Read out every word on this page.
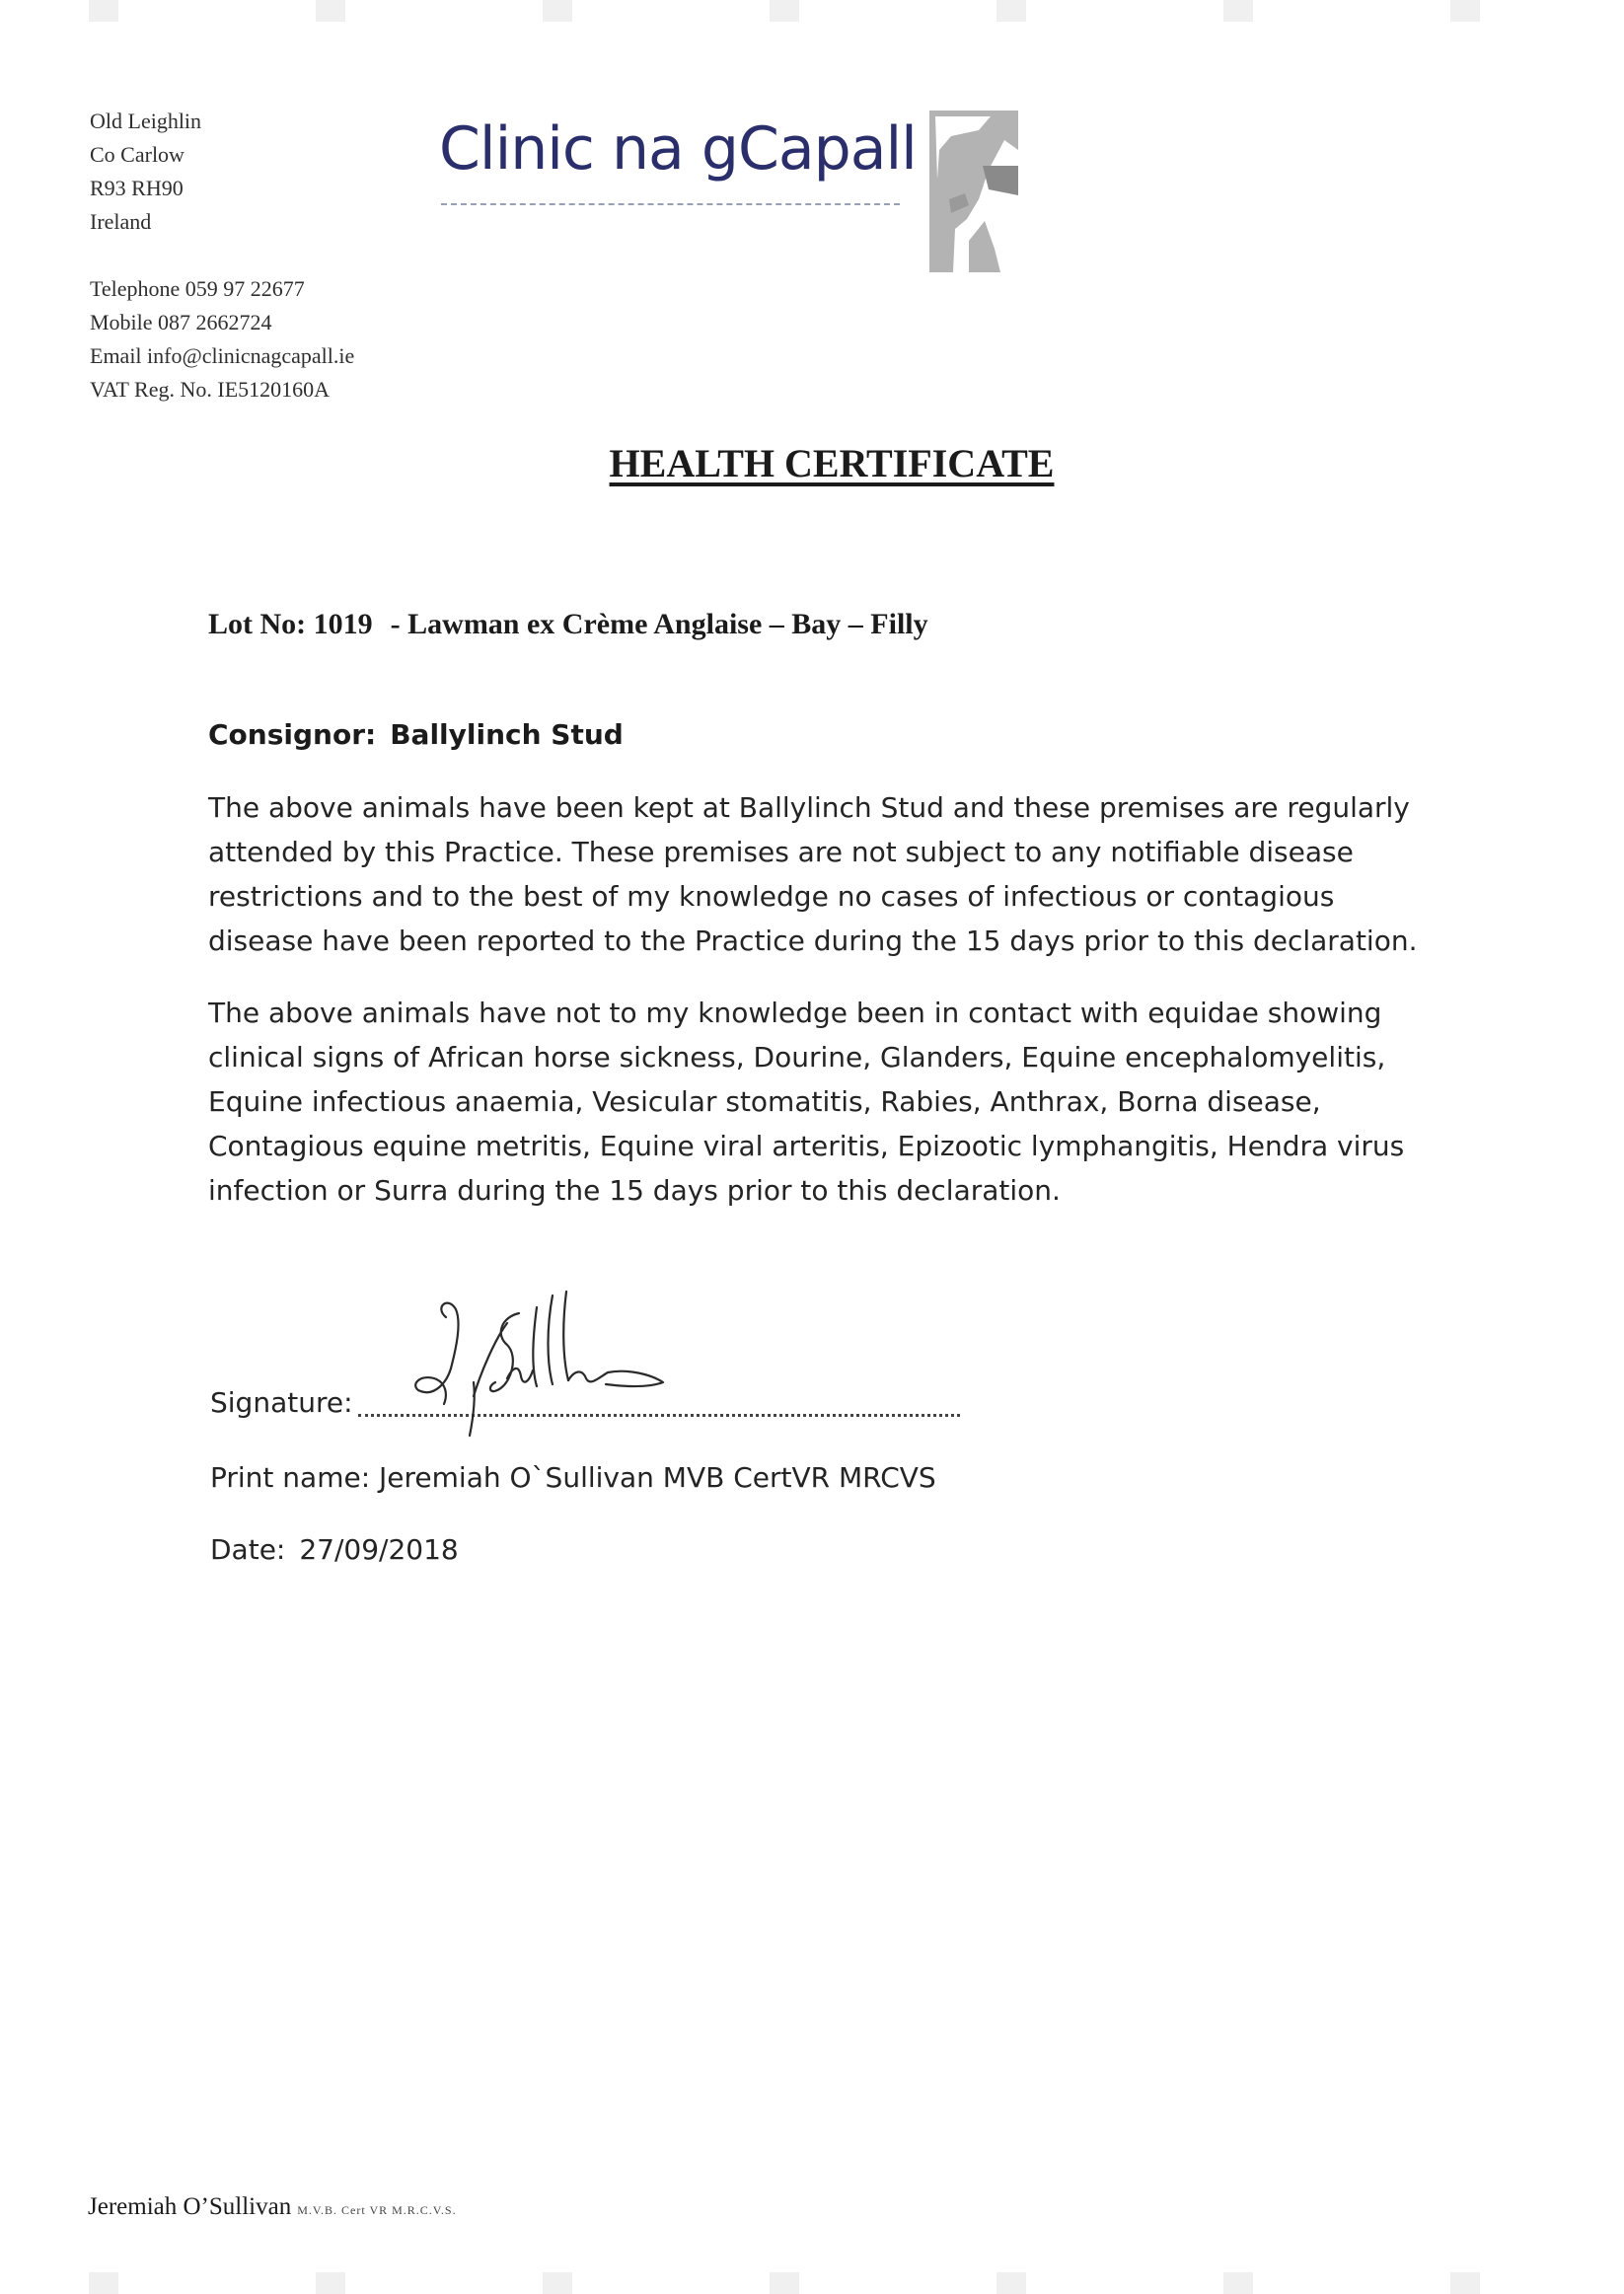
Old Leighlin
Co Carlow
R93 RH90
Ireland
Telephone 059 97 22677
Mobile 087 2662724
Email info@clinicnagcapall.ie
VAT Reg. No. IE5120160A
Clinic na gCapall
HEALTH CERTIFICATE
Lot No: 1019 - Lawman ex Crème Anglaise – Bay – Filly
Consignor: Ballylinch Stud
The above animals have been kept at Ballylinch Stud and these premises are regularly
attended by this Practice. These premises are not subject to any notifiable disease
restrictions and to the best of my knowledge no cases of infectious or contagious
disease have been reported to the Practice during the 15 days prior to this declaration.
The above animals have not to my knowledge been in contact with equidae showing
clinical signs of African horse sickness, Dourine, Glanders, Equine encephalomyelitis,
Equine infectious anaemia, Vesicular stomatitis, Rabies, Anthrax, Borna disease,
Contagious equine metritis, Equine viral arteritis, Epizootic lymphangitis, Hendra virus
infection or Surra during the 15 days prior to this declaration.
Signature:
Print name: Jeremiah O`Sullivan MVB CertVR MRCVS
Date: 27/09/2018
Jeremiah O’Sullivan M.V.B. Cert VR M.R.C.V.S.
